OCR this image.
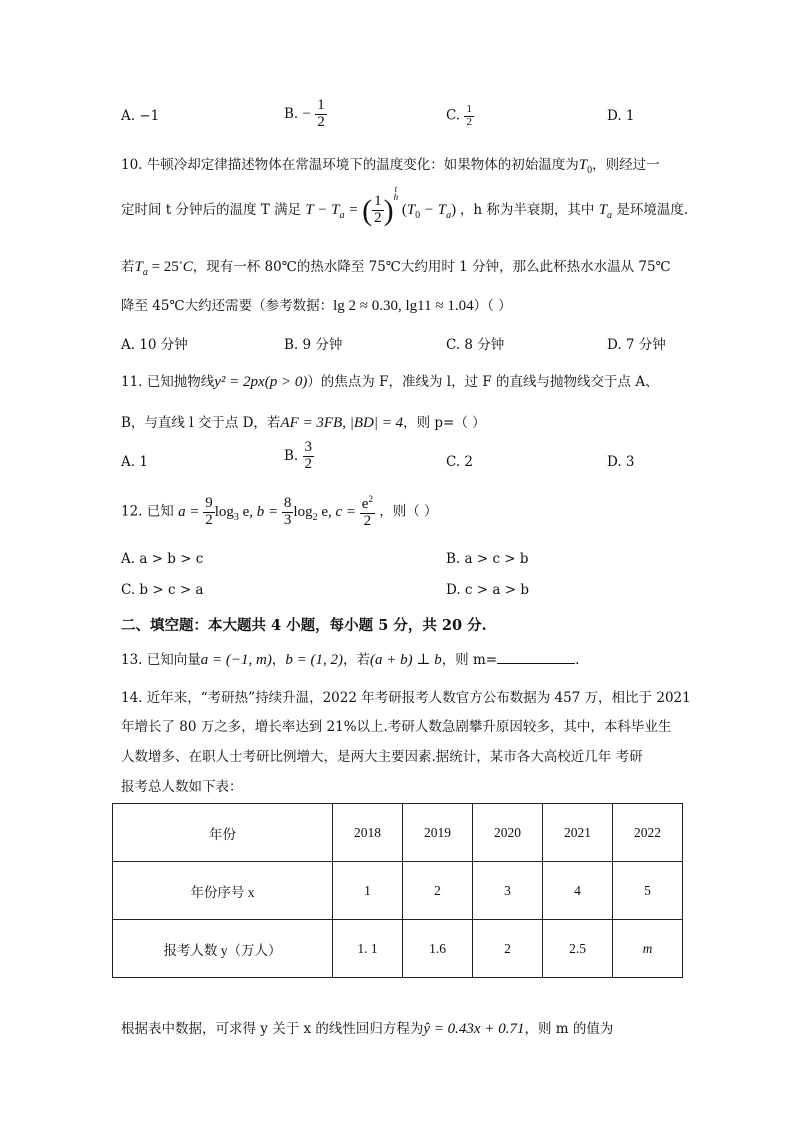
A. −1	B. − $\frac{1}{2}$	C. $\frac{1}{2}$	D. 1
10. 牛顿冷却定律描述物体在常温环境下的温度变化：如果物体的初始温度为$T_0$，则经过一
定时间 t 分钟后的温度 T 满足 $T - T_a$ = ( $\frac{1}{2} )^{t h}$ $(T_0 - T_a)$ ，h 称为半衰期，其中 $T_a$ 是环境温度.
若$T_a = 25^\circ C$，现有一杯 80℃的热水降至 75℃大约用时 1 分钟，那么此杯热水水温从 75℃
降至 45℃大约还需要（参考数据：lg 2 ≈ 0.30, lg11 ≈ 1.04）（ ）
A. 10 分钟	B. 9 分钟	C. 8 分钟	D. 7 分钟
11. 已知抛物线y² = 2px(p > 0)）的焦点为 F，准线为 l，过 F 的直线与抛物线交于点 A、
B，与直线 l 交于点 D，若AF = 3FB, |BD| = 4，则 p=（ ）
A. 1	B. $\frac{3}{2}$	C. 2	D. 3
12. 已知 $a = \frac{9}{2} \log_3 e$, $b = \frac{8}{3} \log_2 e$, $c = \frac{e^2}{2}$ ，则（ ）
A. a > b > c	B. a > c > b
C. b > c > a	D. c > a > b
二、填空题：本大题共 4 小题，每小题 5 分，共 20 分.
13. 已知向量a = (−1, m)，b = (1, 2)，若(a + b) ⊥ b，则 m=	.
14. 近年来，“考研热”持续升温，2022 年考研报考人数官方公布数据为 457 万，相比于 2021
年增长了 80 万之多，增长率达到 21%以上.考研人数急剧攀升原因较多，其中，本科毕业生
人数增多、在职人士考研比例增大，是两大主要因素.据统计，某市各大高校近几年 考研
报考总人数如下表：
年份	2018	2019	2020	2021	2022
年份序号 x	1	2	3	4	5
报考人数 y（万人）	1. 1	1.6	2	2.5	m
根据表中数据，可求得 y 关于 x 的线性回归方程为ŷ = 0.43x + 0.71，则 m 的值为
